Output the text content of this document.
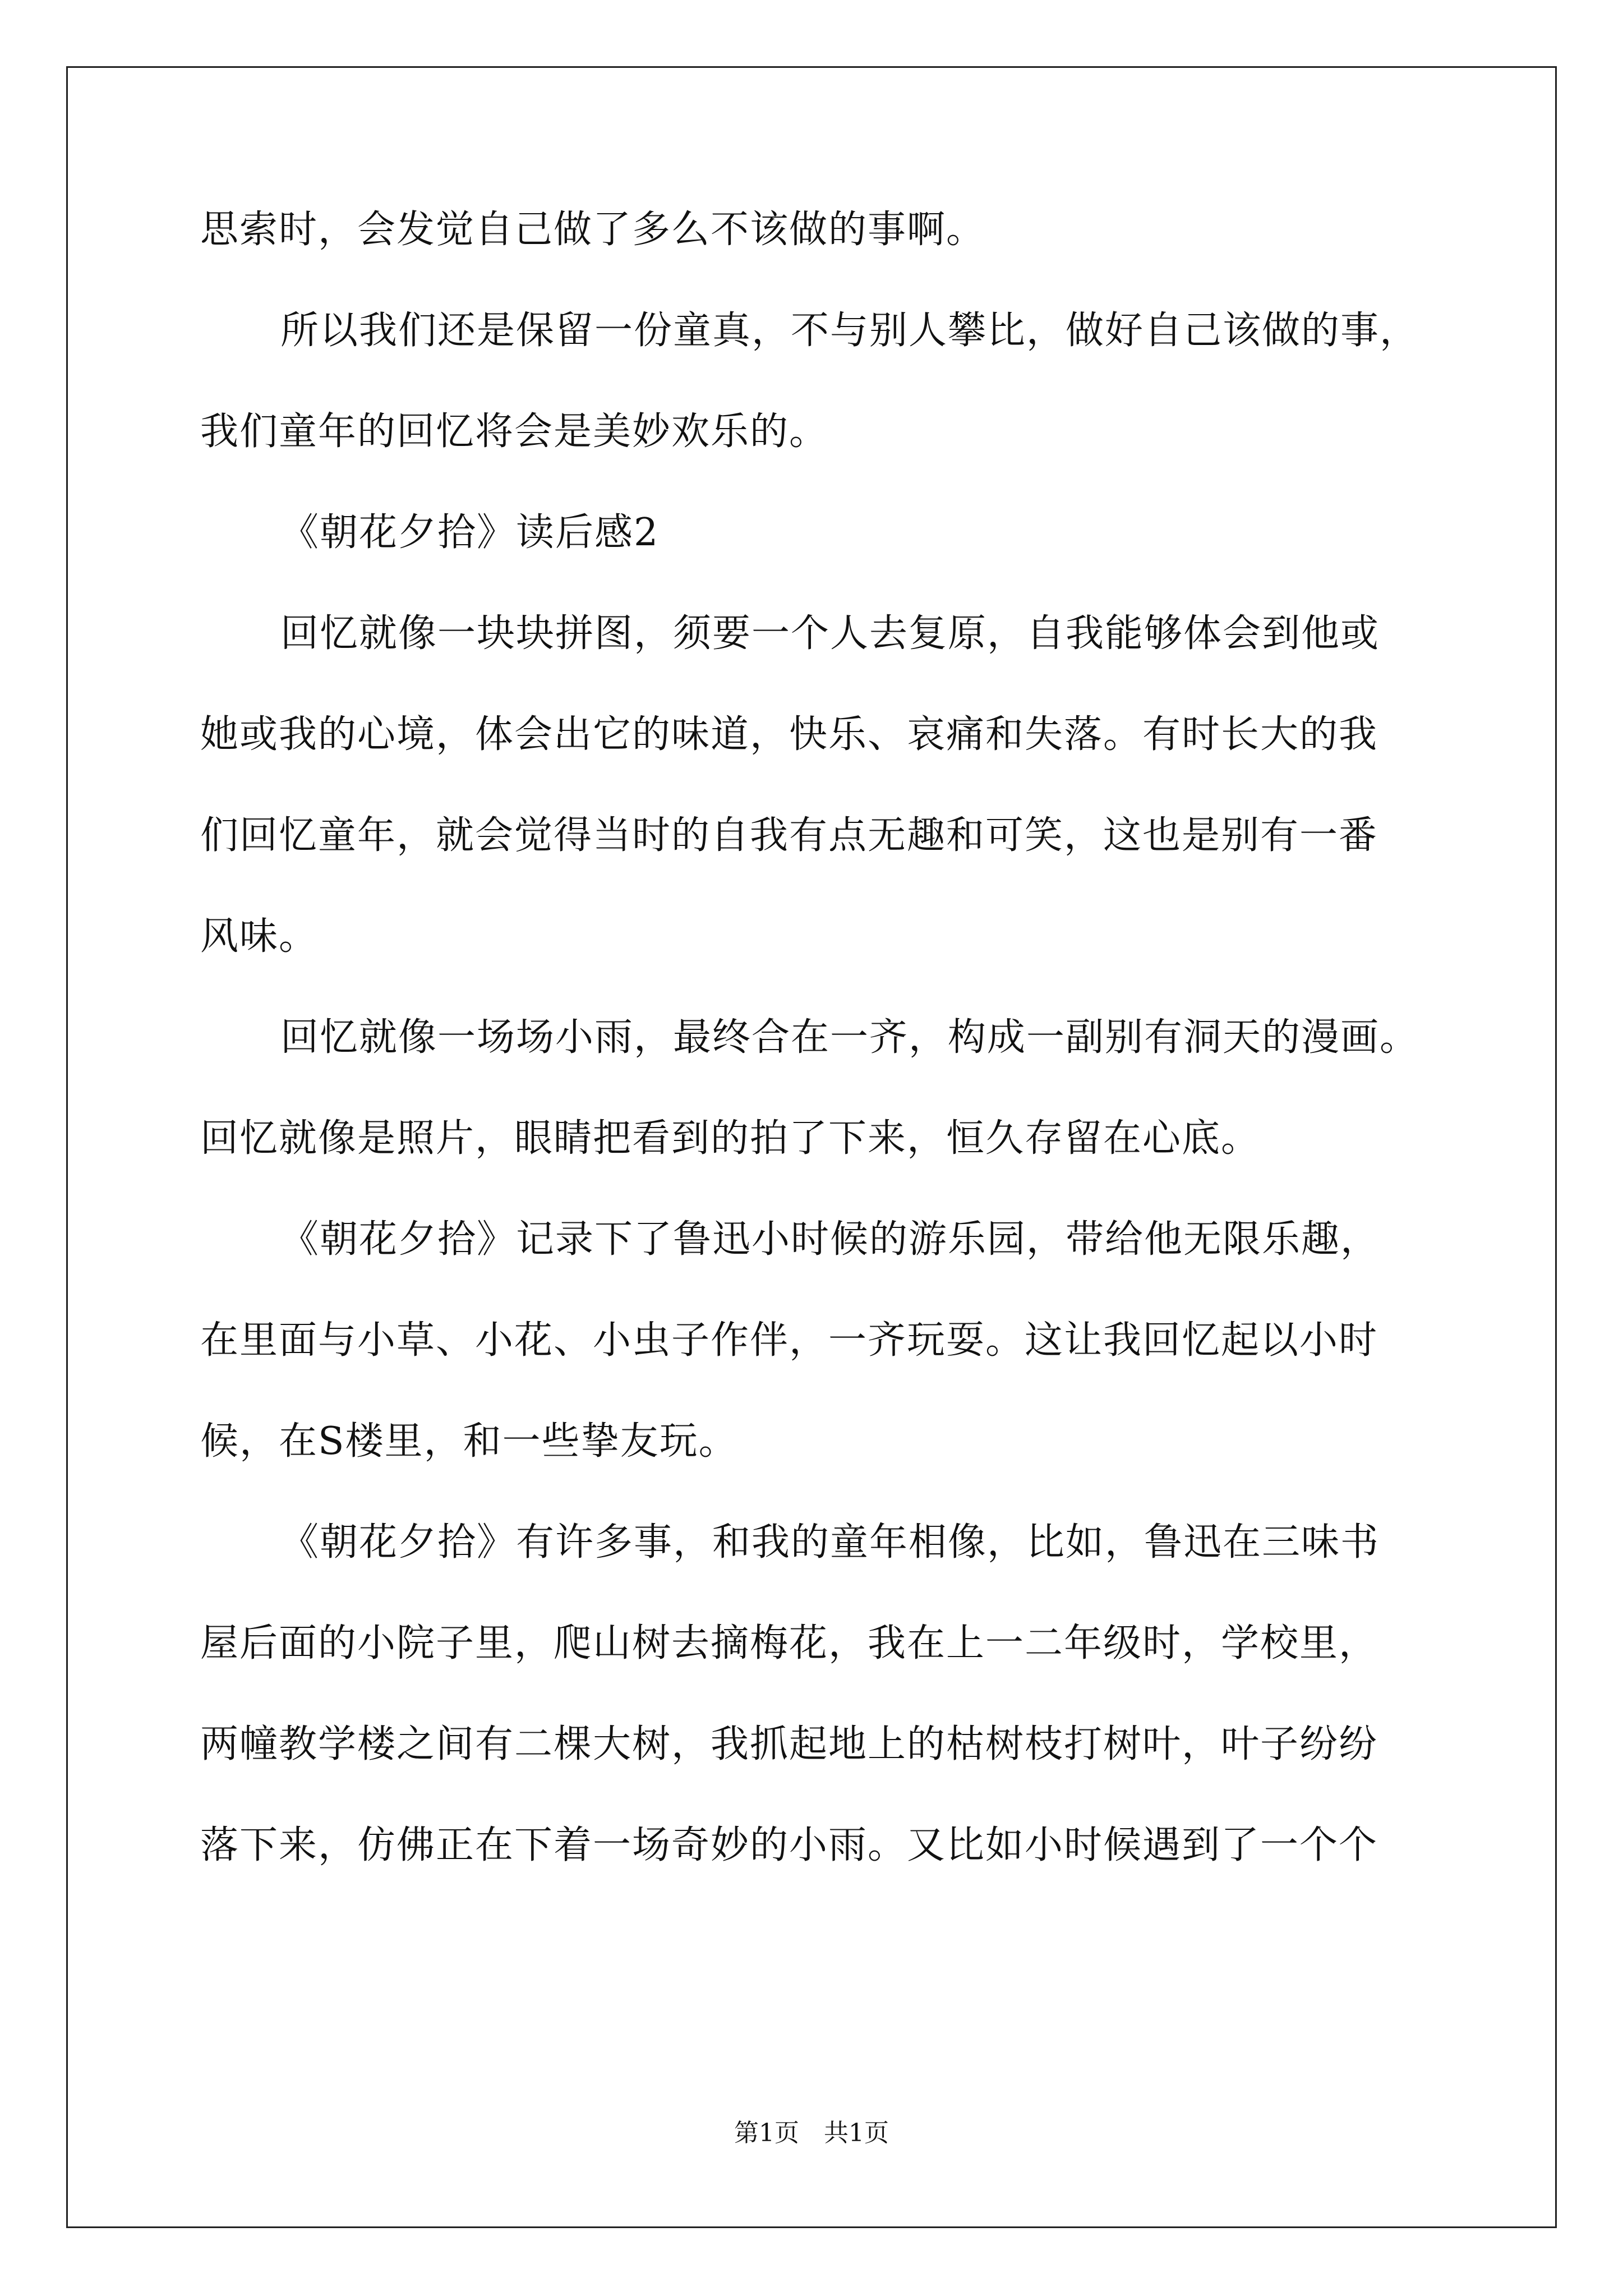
思索时，会发觉自己做了多么不该做的事啊。
所以我们还是保留一份童真，不与别人攀比，做好自己该做的事，
我们童年的回忆将会是美妙欢乐的。
《朝花夕拾》读后感2
回忆就像一块块拼图，须要一个人去复原，自我能够体会到他或
她或我的心境，体会出它的味道，快乐、哀痛和失落。有时长大的我
们回忆童年，就会觉得当时的自我有点无趣和可笑，这也是别有一番
风味。
回忆就像一场场小雨，最终合在一齐，构成一副别有洞天的漫画。
回忆就像是照片，眼睛把看到的拍了下来，恒久存留在心底。
《朝花夕拾》记录下了鲁迅小时候的游乐园，带给他无限乐趣，
在里面与小草、小花、小虫子作伴，一齐玩耍。这让我回忆起以小时
候，在S楼里，和一些挚友玩。
《朝花夕拾》有许多事，和我的童年相像，比如，鲁迅在三味书
屋后面的小院子里，爬山树去摘梅花，我在上一二年级时，学校里，
两幢教学楼之间有二棵大树，我抓起地上的枯树枝打树叶，叶子纷纷
落下来，仿佛正在下着一场奇妙的小雨。又比如小时候遇到了一个个
第1页　共1页
